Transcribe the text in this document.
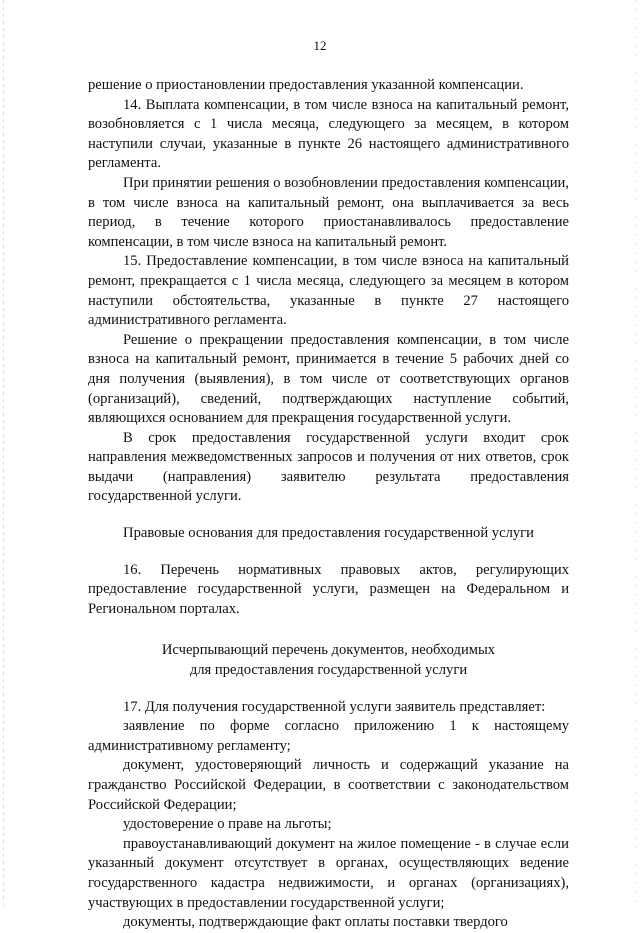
12

решение о приостановлении предоставления указанной компенсации.

14. Выплата компенсации, в том числе взноса на капитальный ремонт, возобновляется с 1 числа месяца, следующего за месяцем, в котором наступили случаи, указанные в пункте 26 настоящего административного регламента.

При принятии решения о возобновлении предоставления компенсации, в том числе взноса на капитальный ремонт, она выплачивается за весь период, в течение которого приостанавливалось предоставление компенсации, в том числе взноса на капитальный ремонт.

15. Предоставление компенсации, в том числе взноса на капитальный ремонт, прекращается с 1 числа месяца, следующего за месяцем в котором наступили обстоятельства, указанные в пункте 27 настоящего административного регламента.

Решение о прекращении предоставления компенсации, в том числе взноса на капитальный ремонт, принимается в течение 5 рабочих дней со дня получения (выявления), в том числе от соответствующих органов (организаций), сведений, подтверждающих наступление событий, являющихся основанием для прекращения государственной услуги.

В срок предоставления государственной услуги входит срок направления межведомственных запросов и получения от них ответов, срок выдачи (направления) заявителю результата предоставления государственной услуги.

Правовые основания для предоставления государственной услуги

16. Перечень нормативных правовых актов, регулирующих предоставление государственной услуги, размещен на Федеральном и Региональном порталах.

Исчерпывающий перечень документов, необходимых

для предоставления государственной услуги

17. Для получения государственной услуги заявитель представляет:

заявление по форме согласно приложению 1 к настоящему административному регламенту;

документ, удостоверяющий личность и содержащий указание на гражданство Российской Федерации, в соответствии с законодательством Российской Федерации;

удостоверение о праве на льготы;

правоустанавливающий документ на жилое помещение - в случае если указанный документ отсутствует в органах, осуществляющих ведение государственного кадастра недвижимости, и органах (организациях), участвующих в предоставлении государственной услуги;

документы, подтверждающие факт оплаты поставки твердого
